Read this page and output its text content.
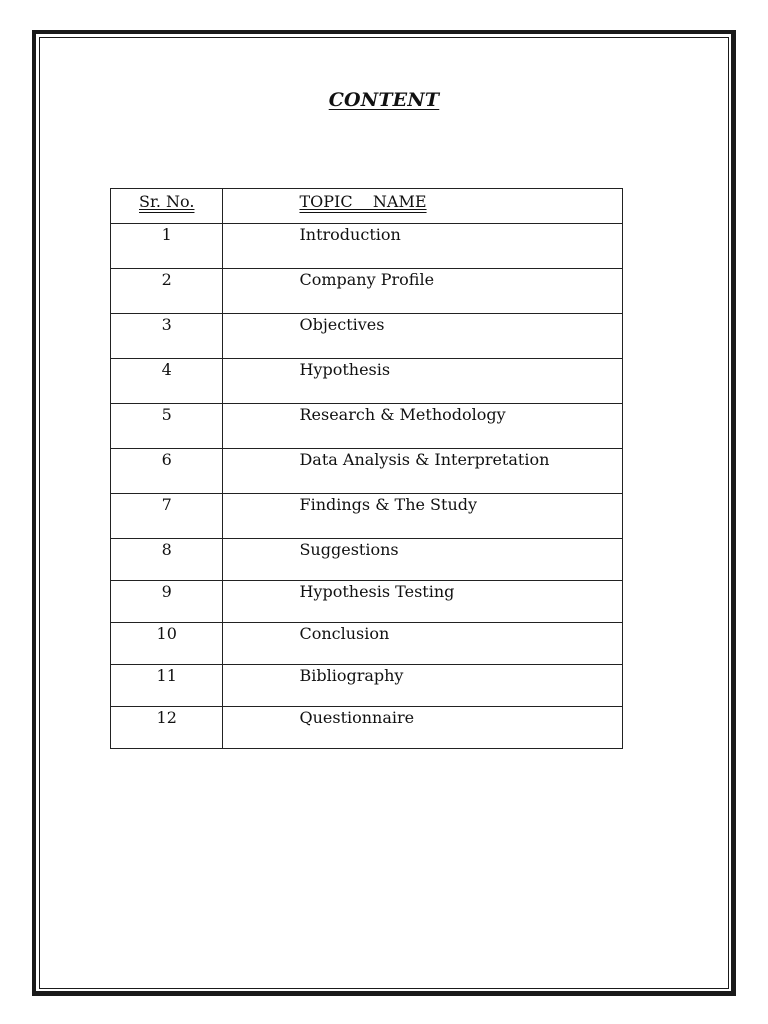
CONTENT
Sr. No.	TOPIC    NAME
1	Introduction
2	Company Profile
3	Objectives
4	Hypothesis
5	Research & Methodology
6	Data Analysis & Interpretation
7	Findings & The Study
8	Suggestions
9	Hypothesis Testing
10	Conclusion
11	Bibliography
12	Questionnaire
